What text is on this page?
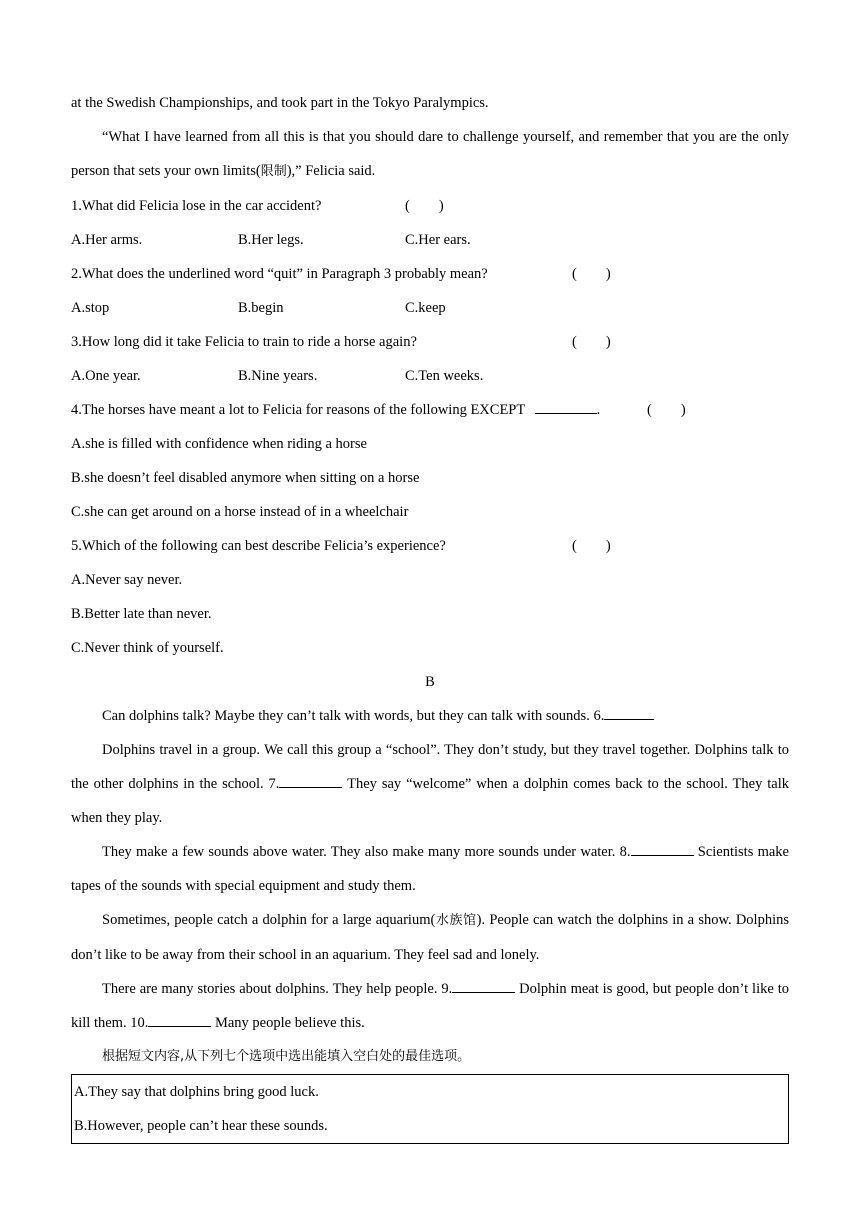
at the Swedish Championships, and took part in the Tokyo Paralympics.

“What I have learned from all this is that you should dare to challenge yourself, and remember that you are the only person that sets your own limits(限制),” Felicia said.

1.What did Felicia lose in the car accident?	(　　)
A.Her arms.	B.Her legs.	C.Her ears.
2.What does the underlined word “quit” in Paragraph 3 probably mean?	(　　)
A.stop	B.begin	C.keep
3.How long did it take Felicia to train to ride a horse again?	(　　)
A.One year.	B.Nine years.	C.Ten weeks.
4.The horses have meant a lot to Felicia for reasons of the following EXCEPT	.	(　　)

A.she is filled with confidence when riding a horse

B.she doesn’t feel disabled anymore when sitting on a horse

C.she can get around on a horse instead of in a wheelchair

5.Which of the following can best describe Felicia’s experience?	(　　)

A.Never say never.

B.Better late than never.

C.Never think of yourself.

B

Can dolphins talk? Maybe they can’t talk with words, but they can talk with sounds. 6.

Dolphins travel in a group. We call this group a “school”. They don’t study, but they travel together. Dolphins talk to the other dolphins in the school. 7.	They say “welcome” when a dolphin comes back to the school. They talk when they play.

They make a few sounds above water. They also make many more sounds under water. 8.	Scientists make tapes of the sounds with special equipment and study them.

Sometimes, people catch a dolphin for a large aquarium(水族馆). People can watch the dolphins in a show. Dolphins don’t like to be away from their school in an aquarium. They feel sad and lonely.

There are many stories about dolphins. They help people. 9.	Dolphin meat is good, but people don’t like to kill them. 10.	Many people believe this.

根据短文内容,从下列七个选项中选出能填入空白处的最佳选项。

A.They say that dolphins bring good luck.
B.However, people can’t hear these sounds.
